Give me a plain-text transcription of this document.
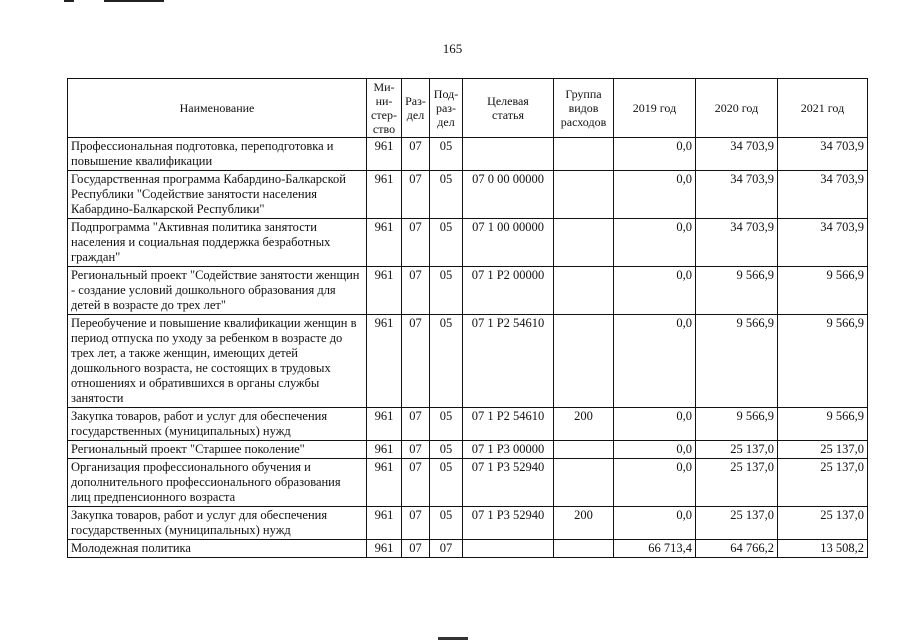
165
Наименование	Ми-
ни-
стер-
ство	Раз-
дел	Под-
раз-
дел	Целевая
статья	Группа
видов
расходов	2019 год	2020 год	2021 год
Профессиональная подготовка, переподготовка и повышение квалификации	961	07	05			0,0	34 703,9	34 703,9
Государственная программа Кабардино-Балкарской Республики "Содействие занятости населения Кабардино-Балкарской Республики"	961	07	05	07 0 00 00000		0,0	34 703,9	34 703,9
Подпрограмма "Активная политика занятости населения и социальная поддержка безработных граждан"	961	07	05	07 1 00 00000		0,0	34 703,9	34 703,9
Региональный проект "Содействие занятости женщин - создание условий дошкольного образования для детей в возрасте до трех лет"	961	07	05	07 1 P2 00000		0,0	9 566,9	9 566,9
Переобучение и повышение квалификации женщин в период отпуска по уходу за ребенком в возрасте до трех лет, а также женщин, имеющих детей дошкольного возраста, не состоящих в трудовых отношениях и обратившихся в органы службы занятости	961	07	05	07 1 P2 54610		0,0	9 566,9	9 566,9
Закупка товаров, работ и услуг для обеспечения государственных (муниципальных) нужд	961	07	05	07 1 P2 54610	200	0,0	9 566,9	9 566,9
Региональный проект "Старшее поколение"	961	07	05	07 1 P3 00000		0,0	25 137,0	25 137,0
Организация профессионального обучения и дополнительного профессионального образования лиц предпенсионного возраста	961	07	05	07 1 P3 52940		0,0	25 137,0	25 137,0
Закупка товаров, работ и услуг для обеспечения государственных (муниципальных) нужд	961	07	05	07 1 P3 52940	200	0,0	25 137,0	25 137,0
Молодежная политика	961	07	07			66 713,4	64 766,2	13 508,2
